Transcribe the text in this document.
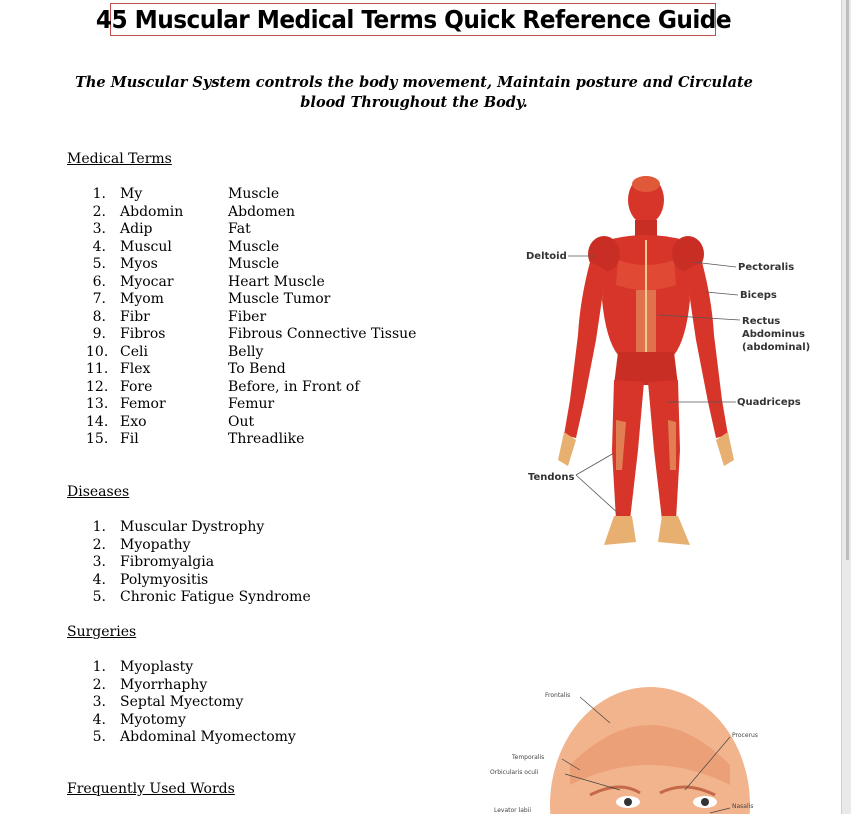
45 Muscular Medical Terms Quick Reference Guide
The Muscular System controls the body movement, Maintain posture and Circulate blood Throughout the Body.
Medical Terms
1. My	Muscle
2. Abdomin	Abdomen
3. Adip	Fat
4. Muscul	Muscle
5. Myos	Muscle
6. Myocar	Heart Muscle
7. Myom	Muscle Tumor
8. Fibr	Fiber
9. Fibros	Fibrous Connective Tissue
10. Celi	Belly
11. Flex	To Bend
12. Fore	Before, in Front of
13. Femor	Femur
14. Exo	Out
15. Fil	Threadlike
Diseases
1. Muscular Dystrophy
2. Myopathy
3. Fibromyalgia
4. Polymyositis
5. Chronic Fatigue Syndrome
Surgeries
1. Myoplasty
2. Myorrhaphy
3. Septal Myectomy
4. Myotomy
5. Abdominal Myomectomy
Frequently Used Words
Deltoid
Pectoralis
Biceps
Rectus
Abdominus
(abdominal)
Quadriceps
Tendons
Frontalis
Procerus
Temporalis
Orbicularis oculi
Levator labii
Nasalis
